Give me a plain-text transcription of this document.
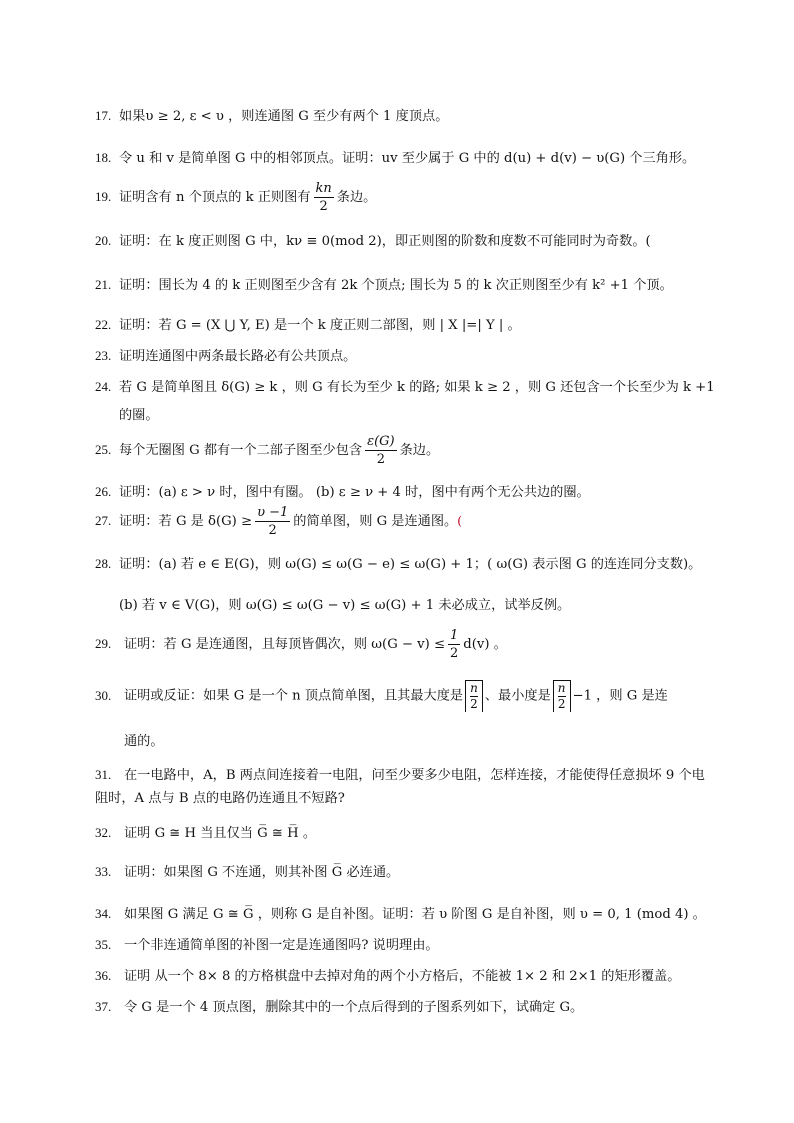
17. 如果υ ≥ 2, ε < υ ，则连通图 G 至少有两个 1 度顶点。
18. 令 u 和 v 是简单图 G 中的相邻顶点。证明：uv 至少属于 G 中的 d(u) + d(v) − υ(G) 个三角形。
19. 证明含有 n 个顶点的 k 正则图有 $\frac{kn}{2}$ 条边。
20. 证明：在 k 度正则图 G 中，kν ≡ 0(mod 2)，即正则图的阶数和度数不可能同时为奇数。(
21. 证明：围长为 4 的 k 正则图至少含有 2k 个顶点; 围长为 5 的 k 次正则图至少有 k² +1 个顶。
22. 证明：若 G = (X ⋃ Y, E) 是一个 k 度正则二部图，则 | X |=| Y | 。
23. 证明连通图中两条最长路必有公共顶点。
24. 若 G 是简单图且 δ(G) ≥ k ，则 G 有长为至少 k 的路; 如果 k ≥ 2 ，则 G 还包含一个长至少为 k +1
的圈。
25. 每个无圈图 G 都有一个二部子图至少包含 $\frac{\varepsilon(G)}{2}$ 条边。
26. 证明：(a) ε > ν 时，图中有圈。 (b) ε ≥ ν + 4 时，图中有两个无公共边的圈。
27. 证明：若 G 是 $\delta(G) \ge \frac{\upsilon -1}{2}$ 的简单图，则 G 是连通图。(
28. 证明：(a) 若 e ∈ E(G)，则 ω(G) ≤ ω(G − e) ≤ ω(G) + 1；( ω(G) 表示图 G 的连连同分支数)。
(b) 若 v ∈ V(G)，则 ω(G) ≤ ω(G − v) ≤ ω(G) + 1 未必成立，试举反例。
29. 证明：若 G 是连通图，且每顶皆偶次，则 $\omega(G - v) \le \frac{1}{2} d(v)$ 。
30. 证明或反证：如果 G 是一个 n 顶点简单图，且其最大度是 $\frac{n}{2}$ 、最小度是 $\frac{n}{2} -1$ ，则 G 是连
通的。
31. 在一电路中，A，B 两点间连接着一电阻，问至少要多少电阻，怎样连接，才能使得任意损坏 9 个电阻时，A 点与 B 点的电路仍连通且不短路?
32. 证明 G ≅ H 当且仅当 G̅ ≅ H̅ 。
33. 证明：如果图 G 不连通，则其补图 G̅ 必连通。
34. 如果图 G 满足 G ≅ G̅ ，则称 G 是自补图。证明：若 υ 阶图 G 是自补图，则 υ = 0, 1 (mod 4) 。
35. 一个非连通简单图的补图一定是连通图吗? 说明理由。
36. 证明 从一个 8× 8 的方格棋盘中去掉对角的两个小方格后，不能被 1× 2 和 2×1 的矩形覆盖。
37. 令 G 是一个 4 顶点图，删除其中的一个点后得到的子图系列如下，试确定 G。
